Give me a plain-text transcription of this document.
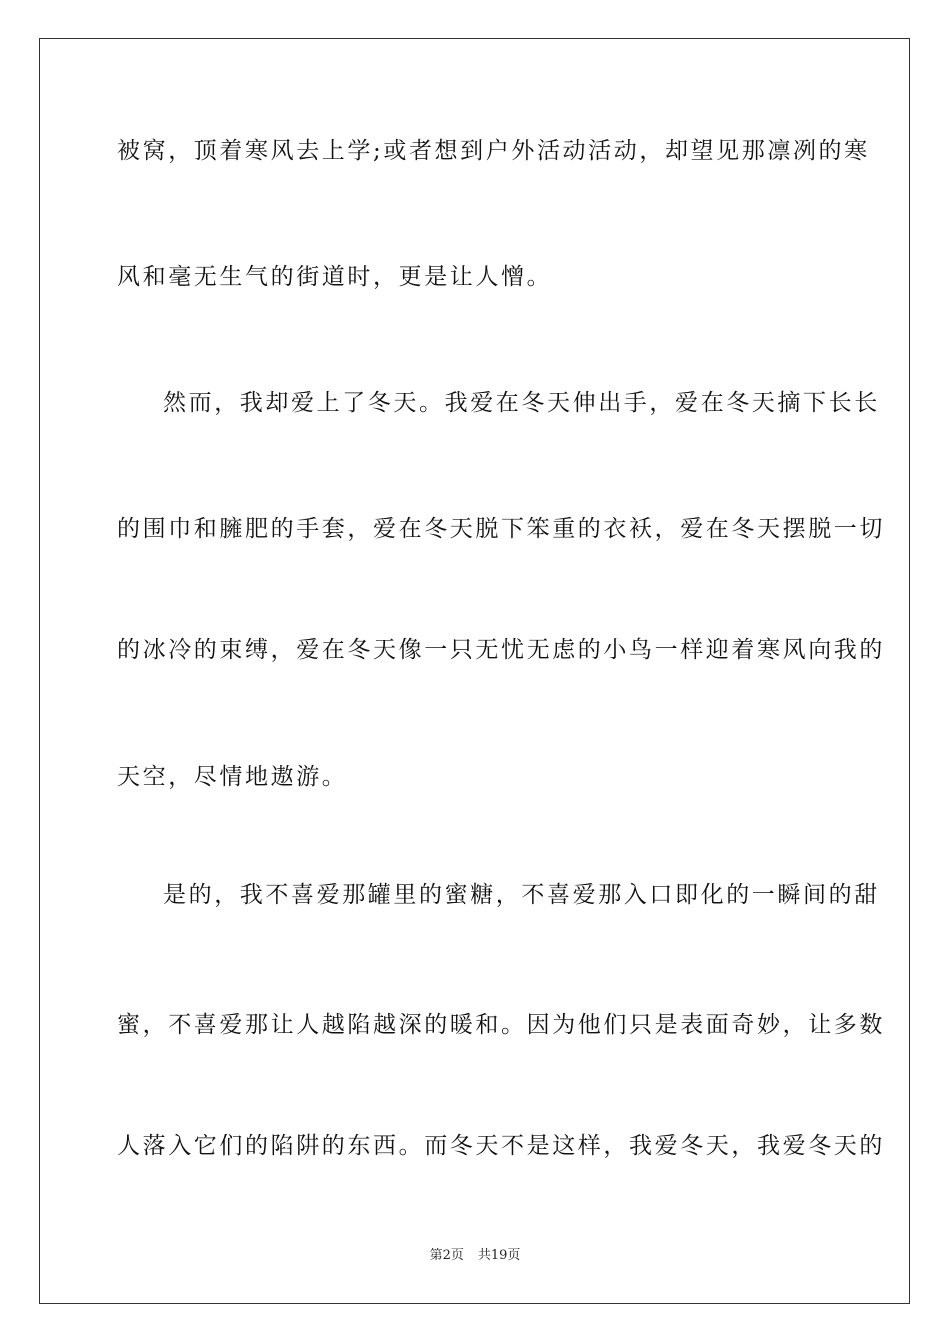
被窝，顶着寒风去上学;或者想到户外活动活动，却望见那凛冽的寒
风和毫无生气的街道时，更是让人憎。
然而，我却爱上了冬天。我爱在冬天伸出手，爱在冬天摘下长长
的围巾和臃肥的手套，爱在冬天脱下笨重的衣袄，爱在冬天摆脱一切
的冰冷的束缚，爱在冬天像一只无忧无虑的小鸟一样迎着寒风向我的
天空，尽情地遨游。
是的，我不喜爱那罐里的蜜糖，不喜爱那入口即化的一瞬间的甜
蜜，不喜爱那让人越陷越深的暖和。因为他们只是表面奇妙，让多数
人落入它们的陷阱的东西。而冬天不是这样，我爱冬天，我爱冬天的
第2页 共19页
